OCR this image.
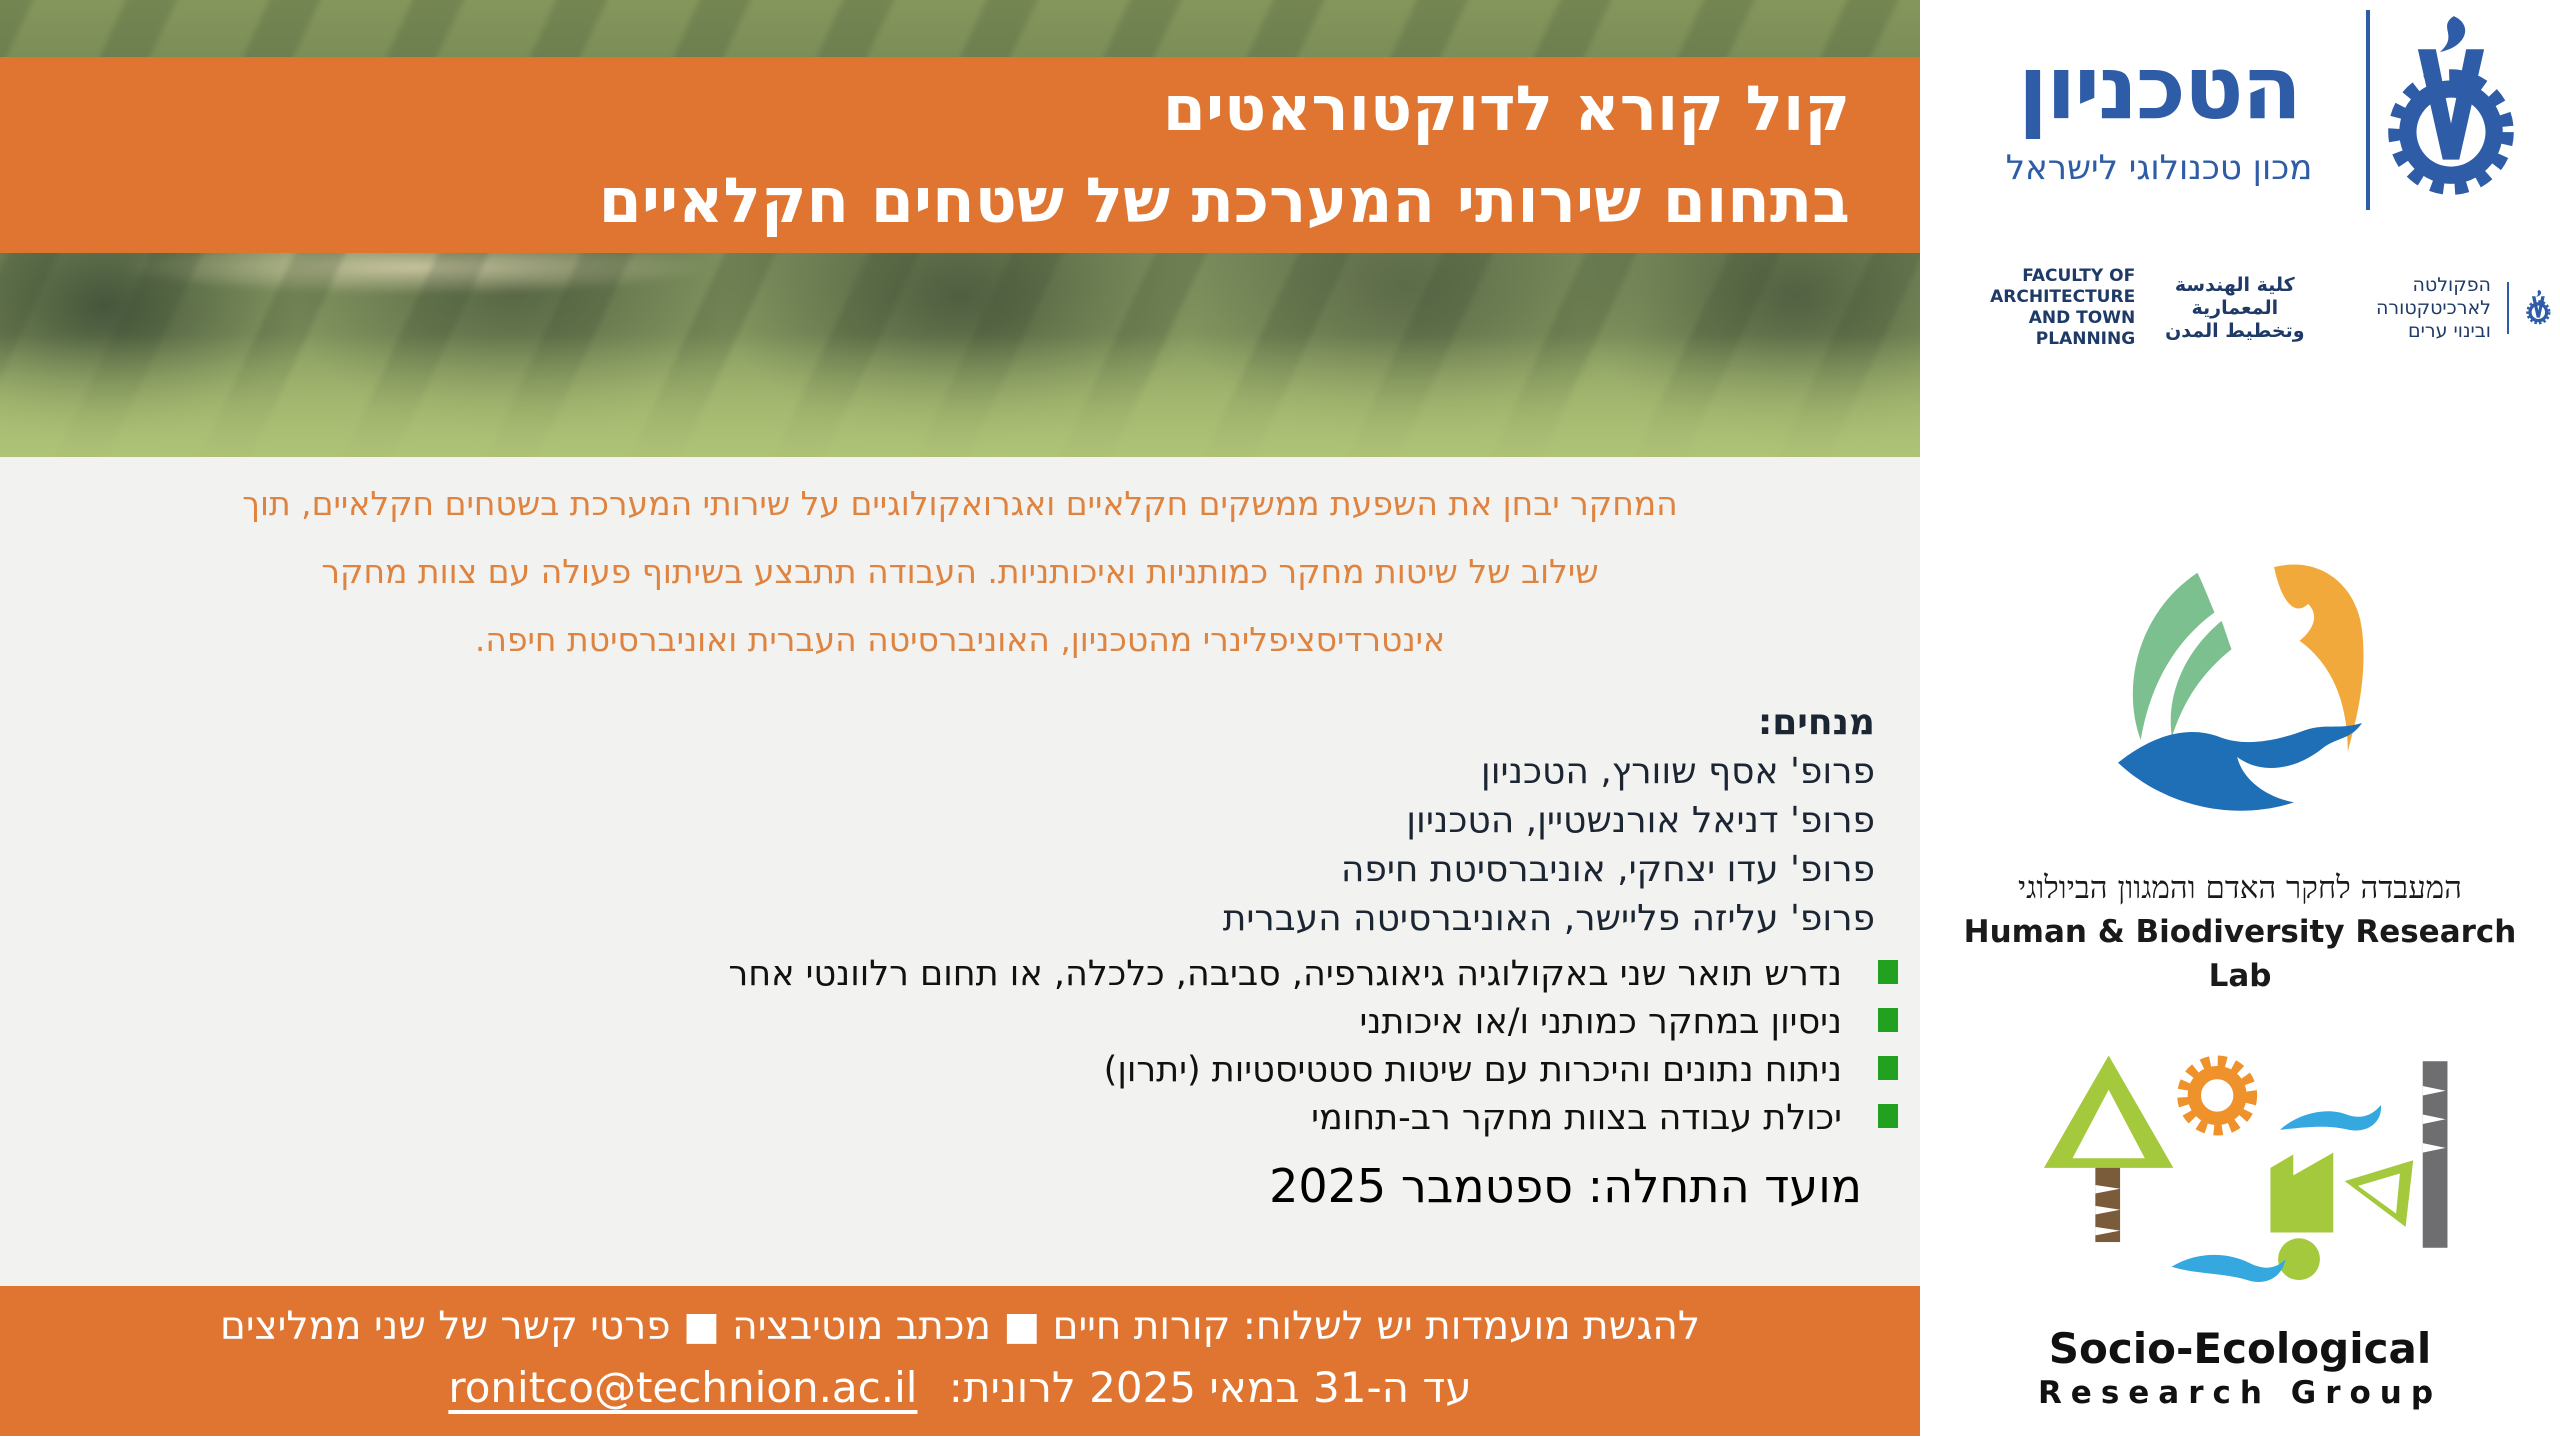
קול קורא לדוקטוראטים
בתחום שירותי המערכת של שטחים חקלאיים
המחקר יבחן את השפעת ממשקים חקלאיים ואגרואקולוגיים על שירותי המערכת בשטחים חקלאיים, תוך
שילוב של שיטות מחקר כמותניות ואיכותניות. העבודה תתבצע בשיתוף פעולה עם צוות מחקר
אינטרדיסציפלינרי מהטכניון, האוניברסיטה העברית ואוניברסיטת חיפה.
מנחים:
פרופ' אסף שוורץ, הטכניון
פרופ' דניאל אורנשטיין, הטכניון
פרופ' עדו יצחקי, אוניברסיטת חיפה
פרופ' עליזה פליישר, האוניברסיטה העברית
נדרש תואר שני באקולוגיה גיאוגרפיה, סביבה, כלכלה, או תחום רלוונטי אחר
ניסיון במחקר כמותני ו/או איכותני
ניתוח נתונים והיכרות עם שיטות סטטיסטיות (יתרון)
יכולת עבודה בצוות מחקר רב-תחומי
מועד התחלה: ספטמבר 2025
להגשת מועמדות יש לשלוח: קורות חיים ■ מכתב מוטיבציה ■ פרטי קשר של שני ממליצים
עד ה-31 במאי 2025 לרונית: ronitco@technion.ac.il
הטכניון
מכון טכנולוגי לישראל
FACULTY OF ARCHITECTURE
AND TOWN PLANNING
كلية الهندسة المعمارية
وتخطيط المدن
הפקולטה לארכיטקטורה
ובינוי ערים
המעבדה לחקר האדם והמגוון הביולוגי
Human & Biodiversity Research Lab
Socio-Ecological
Research Group
